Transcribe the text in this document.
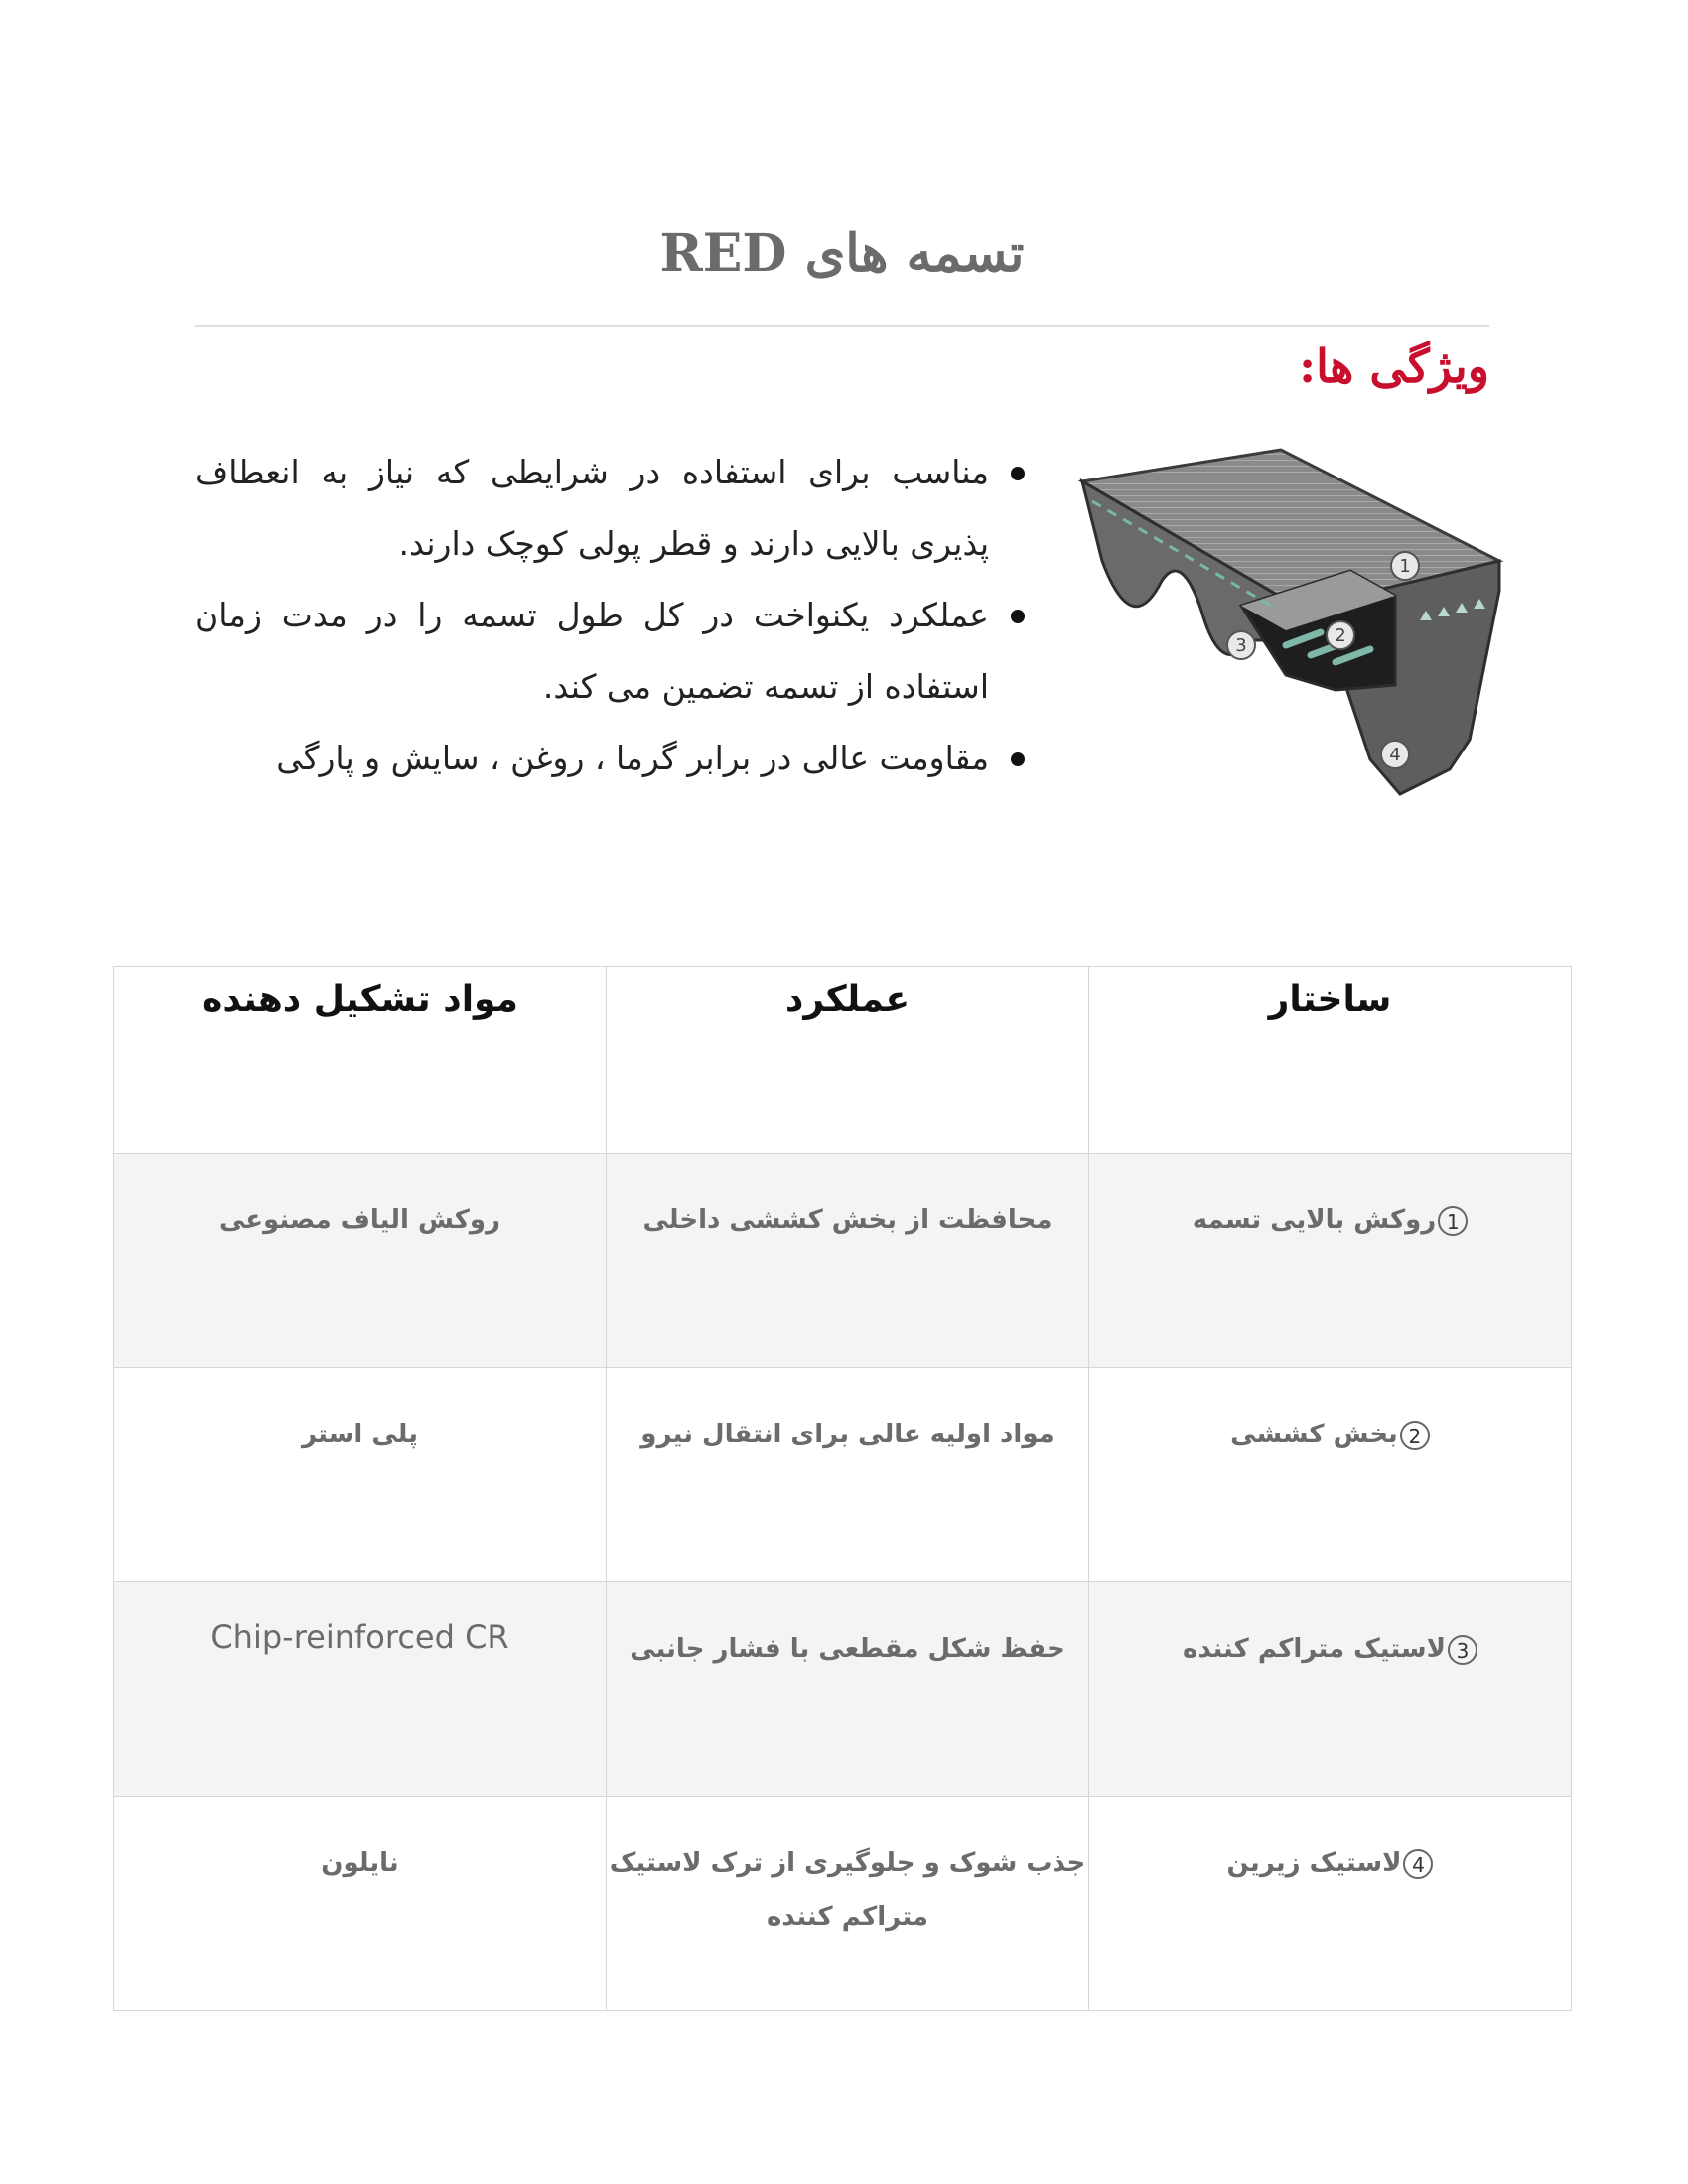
تسمه های RED
ویژگی ها:
مناسب برای استفاده در شرایطی که نیاز به انعطاف پذیری بالایی دارند و قطر پولی کوچک دارند.
عملکرد یکنواخت در کل طول تسمه را در مدت زمان استفاده از تسمه تضمین می کند.
مقاومت عالی در برابر گرما ، روغن ، سایش و پارگی
1
2
3
4
ساختار	عملکرد	مواد تشکیل دهنده
1روکش بالایی تسمه	محافظت از بخش کششی داخلی	روکش الیاف مصنوعی
2بخش کششی	مواد اولیه عالی برای انتقال نیرو	پلی استر
3لاستیک متراکم کننده	حفظ شکل مقطعی با فشار جانبی	Chip-reinforced CR
4لاستیک زیرین	جذب شوک و جلوگیری از ترک لاستیک متراکم کننده	نایلون
